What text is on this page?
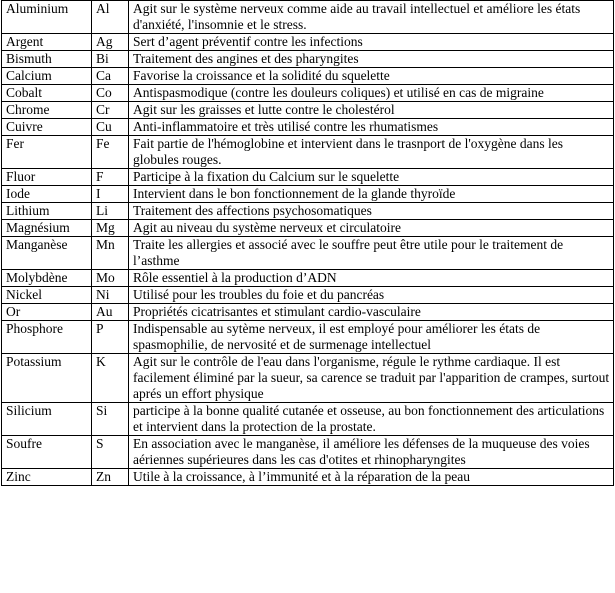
Aluminium	Al	Agit sur le système nerveux comme aide au travail intellectuel et améliore les états d'anxiété, l'insomnie et le stress.
Argent	Ag	Sert d’agent préventif contre les infections
Bismuth	Bi	Traitement des angines et des pharyngites
Calcium	Ca	Favorise la croissance et la solidité du squelette
Cobalt	Co	Antispasmodique (contre les douleurs coliques) et utilisé en cas de migraine
Chrome	Cr	Agit sur les graisses et lutte contre le cholestérol
Cuivre	Cu	Anti-inflammatoire et très utilisé contre les rhumatismes
Fer	Fe	Fait partie de l'hémoglobine et intervient dans le trasnport de l'oxygène dans les globules rouges.
Fluor	F	Participe à la fixation du Calcium sur le squelette
Iode	I	Intervient dans le bon fonctionnement de la glande thyroïde
Lithium	Li	Traitement des affections psychosomatiques
Magnésium	Mg	Agit au niveau du système nerveux et circulatoire
Manganèse	Mn	Traite les allergies et associé avec le souffre peut être utile pour le traitement de l’asthme
Molybdène	Mo	Rôle essentiel à la production d’ADN
Nickel	Ni	Utilisé pour les troubles du foie et du pancréas
Or	Au	Propriétés cicatrisantes et stimulant cardio-vasculaire
Phosphore	P	Indispensable au sytème nerveux, il est employé pour améliorer les états de spasmophilie, de nervosité et de surmenage intellectuel
Potassium	K	Agit sur le contrôle de l'eau dans l'organisme, régule le rythme cardiaque. Il est facilement éliminé par la sueur, sa carence se traduit par l'apparition de crampes, surtout aprés un effort physique
Silicium	Si	participe à la bonne qualité cutanée et osseuse, au bon fonctionnement des articulations et intervient dans la protection de la prostate.
Soufre	S	En association avec le manganèse, il améliore les défenses de la muqueuse des voies aériennes supérieures dans les cas d'otites et rhinopharyngites
Zinc	Zn	Utile à la croissance, à l’immunité et à la réparation de la peau
